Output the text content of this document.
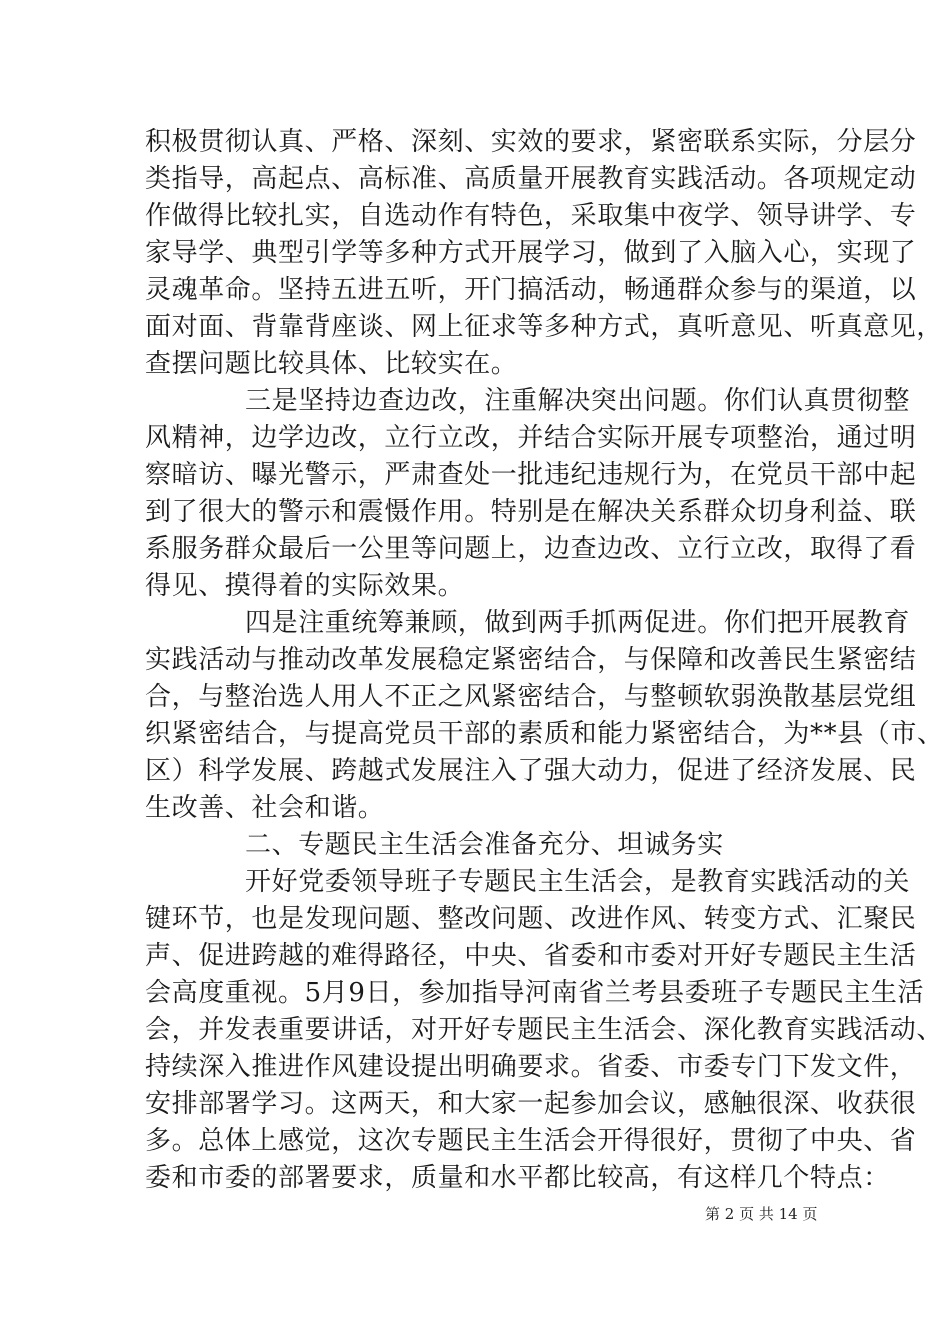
积极贯彻认真、严格、深刻、实效的要求，紧密联系实际，分层分
类指导，高起点、高标准、高质量开展教育实践活动。各项规定动
作做得比较扎实，自选动作有特色，采取集中夜学、领导讲学、专
家导学、典型引学等多种方式开展学习，做到了入脑入心，实现了
灵魂革命。坚持五进五听，开门搞活动，畅通群众参与的渠道，以
面对面、背靠背座谈、网上征求等多种方式，真听意见、听真意见，
查摆问题比较具体、比较实在。
三是坚持边查边改，注重解决突出问题。你们认真贯彻整
风精神，边学边改，立行立改，并结合实际开展专项整治，通过明
察暗访、曝光警示，严肃查处一批违纪违规行为，在党员干部中起
到了很大的警示和震慑作用。特别是在解决关系群众切身利益、联
系服务群众最后一公里等问题上，边查边改、立行立改，取得了看
得见、摸得着的实际效果。
四是注重统筹兼顾，做到两手抓两促进。你们把开展教育
实践活动与推动改革发展稳定紧密结合，与保障和改善民生紧密结
合，与整治选人用人不正之风紧密结合，与整顿软弱涣散基层党组
织紧密结合，与提高党员干部的素质和能力紧密结合，为**县（市、
区）科学发展、跨越式发展注入了强大动力，促进了经济发展、民
生改善、社会和谐。
二、专题民主生活会准备充分、坦诚务实
开好党委领导班子专题民主生活会，是教育实践活动的关
键环节，也是发现问题、整改问题、改进作风、转变方式、汇聚民
声、促进跨越的难得路径，中央、省委和市委对开好专题民主生活
会高度重视。5月9日，参加指导河南省兰考县委班子专题民主生活
会，并发表重要讲话，对开好专题民主生活会、深化教育实践活动、
持续深入推进作风建设提出明确要求。省委、市委专门下发文件，
安排部署学习。这两天，和大家一起参加会议，感触很深、收获很
多。总体上感觉，这次专题民主生活会开得很好，贯彻了中央、省
委和市委的部署要求，质量和水平都比较高，有这样几个特点：
第 2 页 共 14 页
